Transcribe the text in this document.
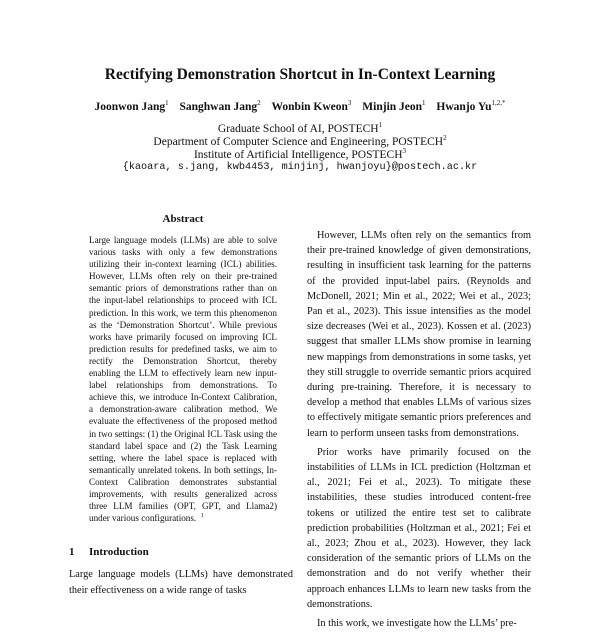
Rectifying Demonstration Shortcut in In-Context Learning
Joonwon Jang$^1$ Sanghwan Jang$^2$ Wonbin Kweon$^3$ Minjin Jeon$^1$ Hwanjo $Yu^{1,2,*}$
Graduate School of AI, POSTECH$^1$
Department of Computer Science and Engineering, POSTECH$^2$
Institute of Artificial Intelligence, POSTECH$^3$
{kaoara, s.jang, kwb4453, minjinj, hwanjoyu}@postech.ac.kr
Abstract
Large language models (LLMs) are able to solve various tasks with only a few demonstrations utilizing their in-context learning (ICL) abilities. However, LLMs often rely on their pre-trained semantic priors of demonstrations rather than on the input-label relationships to proceed with ICL prediction. In this work, we term this phenomenon as the ‘Demonstration Shortcut’. While previous works have primarily focused on improving ICL prediction results for predefined tasks, we aim to rectify the Demonstration Shortcut, thereby enabling the LLM to effectively learn new input-label relationships from demonstrations. To achieve this, we introduce In-Context Calibration, a demonstration-aware calibration method. We evaluate the effectiveness of the proposed method in two settings: (1) the Original ICL Task using the standard label space and (2) the Task Learning setting, where the label space is replaced with semantically unrelated tokens. In both settings, In-Context Calibration demonstrates substantial improvements, with results generalized across three LLM families (OPT, GPT, and Llama2) under various configurations. $^1$
1 Introduction
Large language models (LLMs) have demonstrated their effectiveness on a wide range of tasks

However, LLMs often rely on the semantics from their pre-trained knowledge of given demonstrations, resulting in insufficient task learning for the patterns of the provided input-label pairs. (Reynolds and McDonell, 2021; Min et al., 2022; Wei et al., 2023; Pan et al., 2023). This issue intensifies as the model size decreases (Wei et al., 2023). Kossen et al. (2023) suggest that smaller LLMs show promise in learning new mappings from demonstrations in some tasks, yet they still struggle to override semantic priors acquired during pre-training. Therefore, it is necessary to develop a method that enables LLMs of various sizes to effectively mitigate semantic priors preferences and learn to perform unseen tasks from demonstrations.

Prior works have primarily focused on the instabilities of LLMs in ICL prediction (Holtzman et al., 2021; Fei et al., 2023). To mitigate these instabilities, these studies introduced content-free tokens or utilized the entire test set to calibrate prediction probabilities (Holtzman et al., 2021; Fei et al., 2023; Zhou et al., 2023). However, they lack consideration of the semantic priors of LLMs on the demonstration and do not verify whether their approach enhances LLMs to learn new tasks from the demonstrations.

In this work, we investigate how the LLMs’ pre-
